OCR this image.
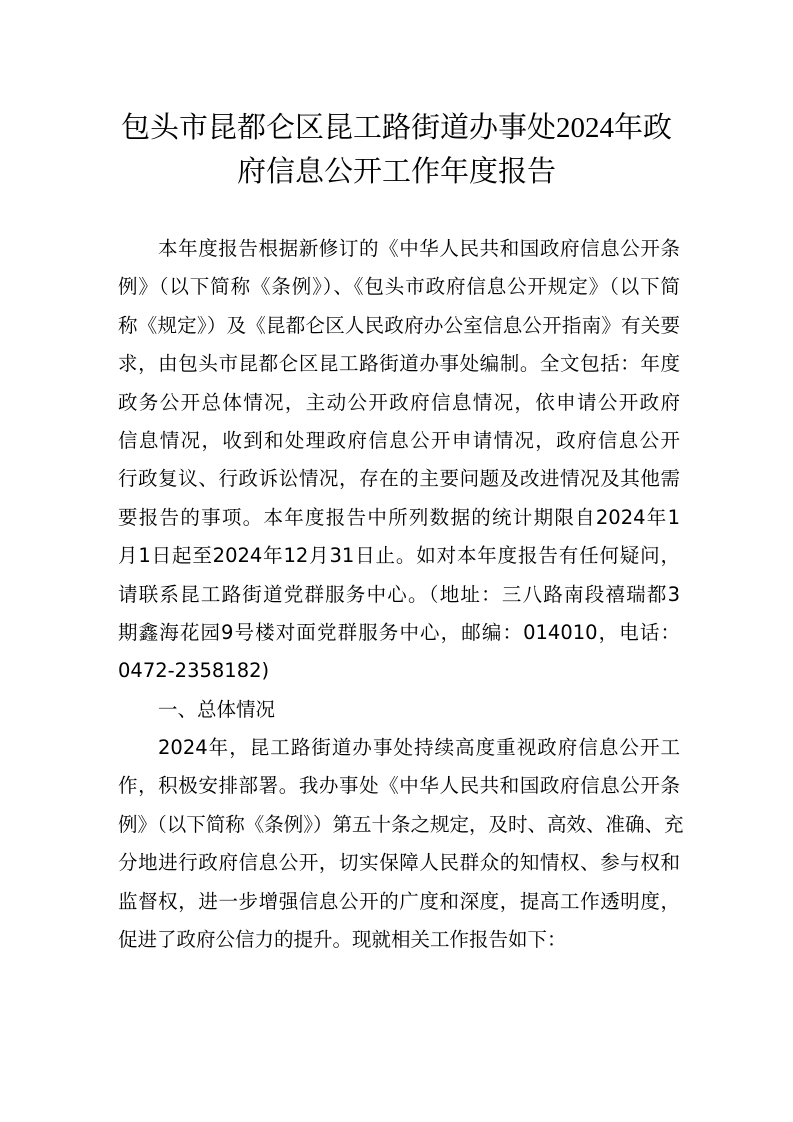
包头市昆都仑区昆工路街道办事处2024年政
府信息公开工作年度报告
本年度报告根据新修订的《中华人民共和国政府信息公开条
例》（以下简称《条例》）、《包头市政府信息公开规定》（以下简
称《规定》）及《昆都仑区人民政府办公室信息公开指南》有关要
求，由包头市昆都仑区昆工路街道办事处编制。全文包括：年度
政务公开总体情况，主动公开政府信息情况，依申请公开政府
信息情况，收到和处理政府信息公开申请情况，政府信息公开
行政复议、行政诉讼情况，存在的主要问题及改进情况及其他需
要报告的事项。本年度报告中所列数据的统计期限自2024年1
月1日起至2024年12月31日止。如对本年度报告有任何疑问，
请联系昆工路街道党群服务中心。（地址：三八路南段禧瑞都3
期鑫海花园9号楼对面党群服务中心，邮编：014010，电话：
0472-2358182)
一、总体情况
2024年，昆工路街道办事处持续高度重视政府信息公开工
作，积极安排部署。我办事处《中华人民共和国政府信息公开条
例》（以下简称《条例》）第五十条之规定，及时、高效、准确、充
分地进行政府信息公开，切实保障人民群众的知情权、参与权和
监督权，进一步增强信息公开的广度和深度，提高工作透明度，
促进了政府公信力的提升。现就相关工作报告如下：
